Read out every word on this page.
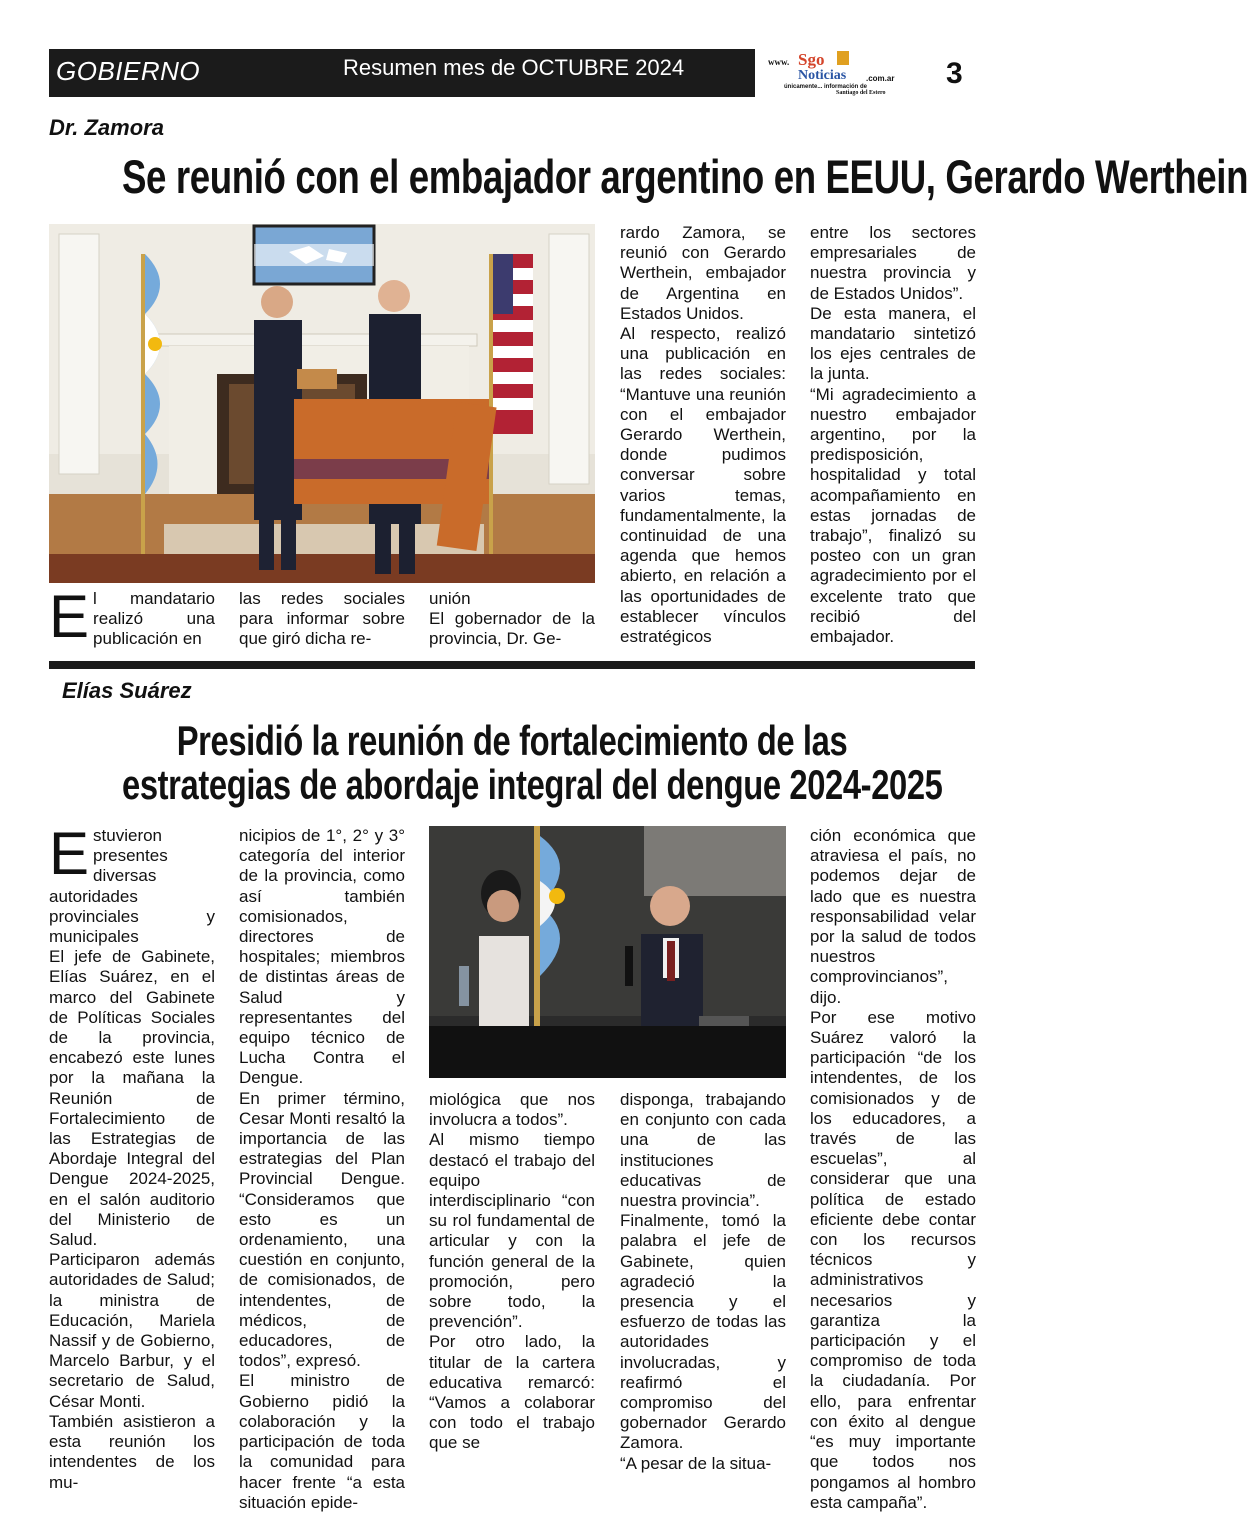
GOBIERNO	Resumen mes de OCTUBRE 2024	www. Sgo
Noticias .com.ar
únicamente... información de
Santiago del Estero
3
Dr. Zamora
Se reunió con el embajador argentino en EEUU, Gerardo Werthein
El mandatario realizó una publicación en
las redes sociales para informar sobre que giró dicha re-

unión

El gobernador de la provincia, Dr. Ge-

rardo Zamora, se reunió con Gerardo Werthein, embajador de Argentina en Estados Unidos.

Al respecto, realizó una publicación en las redes sociales: “Mantuve una reunión con el embajador Gerardo Werthein, donde pudimos conversar sobre varios temas, fundamentalmente, la continuidad de una agenda que hemos abierto, en relación a las oportunidades de establecer vínculos estratégicos

entre los sectores empresariales de nuestra provincia y de Estados Unidos”.

De esta manera, el mandatario sintetizó los ejes centrales de la junta.

“Mi agradecimiento a nuestro embajador argentino, por la predisposición, hospitalidad y total acompañamiento en estas jornadas de trabajo”, finalizó su posteo con un gran agradecimiento por el excelente trato que recibió del embajador.

Elías Suárez
Presidió la reunión de fortalecimiento de las
estrategias de abordaje integral del dengue 2024-2025

Estuvieron presentes diversas autoridades provinciales y municipales

El jefe de Gabinete, Elías Suárez, en el marco del Gabinete de Políticas Sociales de la provincia, encabezó este lunes por la mañana la Reunión de Fortalecimiento de las Estrategias de Abordaje Integral del Dengue 2024-2025, en el salón auditorio del Ministerio de Salud.

Participaron además autoridades de Salud; la ministra de Educación, Mariela Nassif y de Gobierno, Marcelo Barbur, y el secretario de Salud, César Monti.

También asistieron a esta reunión los intendentes de los mu-

nicipios de 1°, 2° y 3° categoría del interior de la provincia, como así también comisionados, directores de hospitales; miembros de distintas áreas de Salud y representantes del equipo técnico de Lucha Contra el Dengue.

En primer término, Cesar Monti resaltó la importancia de las estrategias del Plan Provincial Dengue. “Consideramos que esto es un ordenamiento, una cuestión en conjunto, de comisionados, de intendentes, de médicos, de educadores, de todos”, expresó.

El ministro de Gobierno pidió la colaboración y la participación de toda la comunidad para hacer frente “a esta situación epide-

miológica que nos involucra a todos”.

Al mismo tiempo destacó el trabajo del equipo interdisciplinario “con su rol fundamental de articular y con la función general de la promoción, pero sobre todo, la prevención”.

Por otro lado, la titular de la cartera educativa remarcó: “Vamos a colaborar con todo el trabajo que se

disponga, trabajando en conjunto con cada una de las instituciones educativas de nuestra provincia”.

Finalmente, tomó la palabra el jefe de Gabinete, quien agradeció la presencia y el esfuerzo de todas las autoridades involucradas, y reafirmó el compromiso del gobernador Gerardo Zamora.

“A pesar de la situa-

ción económica que atraviesa el país, no podemos dejar de lado que es nuestra responsabilidad velar por la salud de todos nuestros comprovincianos”, dijo.

Por ese motivo Suárez valoró la participación “de los intendentes, de los comisionados y de los educadores, a través de las escuelas”, al considerar que una política de estado eficiente debe contar con los recursos técnicos y administrativos necesarios y garantiza la participación y el compromiso de toda la ciudadanía. Por ello, para enfrentar con éxito al dengue “es muy importante que todos nos pongamos al hombro esta campaña”.
